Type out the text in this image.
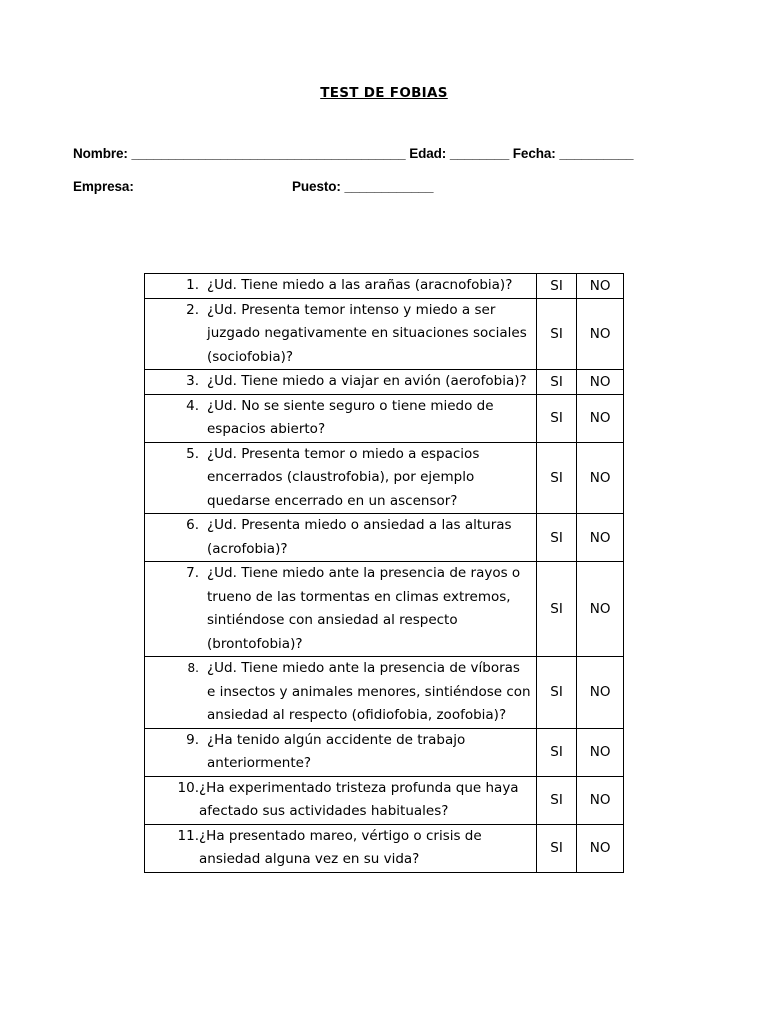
TEST DE FOBIAS
Nombre: _____________________________________ Edad: ________ Fecha: __________
Empresa:	Puesto: ____________
1. ¿Ud. Tiene miedo a las arañas (aracnofobia)?	SI	NO

2. ¿Ud. Presenta temor intenso y miedo a ser juzgado negativamente en situaciones sociales (sociofobia)?	SI	NO

3. ¿Ud. Tiene miedo a viajar en avión (aerofobia)?	SI	NO

4. ¿Ud. No se siente seguro o tiene miedo de espacios abierto?	SI	NO

5. ¿Ud. Presenta temor o miedo a espacios encerrados (claustrofobia), por ejemplo quedarse encerrado en un ascensor?	SI	NO

6. ¿Ud. Presenta miedo o ansiedad a las alturas (acrofobia)?	SI	NO

7. ¿Ud. Tiene miedo ante la presencia de rayos o trueno de las tormentas en climas extremos, sintiéndose con ansiedad al respecto (brontofobia)?	SI	NO

8. ¿Ud. Tiene miedo ante la presencia de víboras e insectos y animales menores, sintiéndose con ansiedad al respecto (ofidiofobia, zoofobia)?	SI	NO

9. ¿Ha tenido algún accidente de trabajo anteriormente?	SI	NO

10. ¿Ha experimentado tristeza profunda que haya afectado sus actividades habituales?	SI	NO

11. ¿Ha presentado mareo, vértigo o crisis de ansiedad alguna vez en su vida?	SI	NO
